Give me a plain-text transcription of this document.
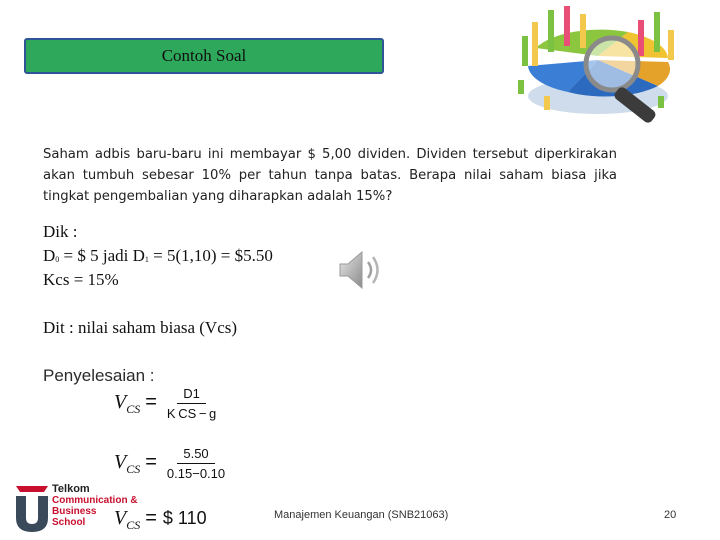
Contoh Soal
Saham adbis baru-baru ini membayar $ 5,00 dividen. Dividen tersebut diperkirakan akan tumbuh sebesar 10% per tahun tanpa batas. Berapa nilai saham biasa jika tingkat pengembalian yang diharapkan adalah 15%?
Dik :
$D_0$ = $ 5 jadi $D_1 = 5(1,10)$ = $5.50
Kcs = 15%
Dit : nilai saham biasa (Vcs)
Penyelesaian :
$V_{CS} = \frac{D1}{\text{K CS − g}}$
$V_{CS} = \frac{5.50}{0.15-0.10}$
$V_{CS}$ = $ 110
Telkom
Communication &
Business
School
Manajemen Keuangan (SNB21063)	20
